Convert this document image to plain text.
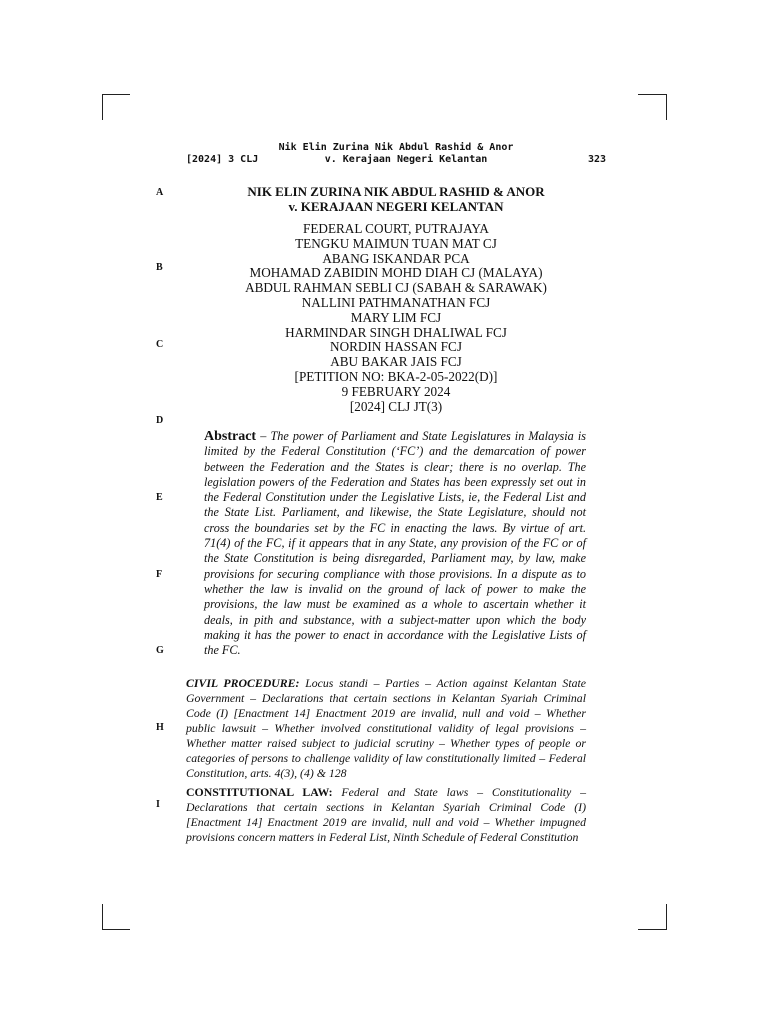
Nik Elin Zurina Nik Abdul Rashid & Anor
[2024] 3 CLJ	v. Kerajaan Negeri Kelantan	323
A
B
C
D
E
F
G
H
I
NIK ELIN ZURINA NIK ABDUL RASHID & ANOR
v. KERAJAAN NEGERI KELANTAN
FEDERAL COURT, PUTRAJAYA
TENGKU MAIMUN TUAN MAT CJ
ABANG ISKANDAR PCA
MOHAMAD ZABIDIN MOHD DIAH CJ (MALAYA)
ABDUL RAHMAN SEBLI CJ (SABAH & SARAWAK)
NALLINI PATHMANATHAN FCJ
MARY LIM FCJ
HARMINDAR SINGH DHALIWAL FCJ
NORDIN HASSAN FCJ
ABU BAKAR JAIS FCJ
[PETITION NO: BKA-2-05-2022(D)]
9 FEBRUARY 2024
[2024] CLJ JT(3)
Abstract – The power of Parliament and State Legislatures in Malaysia is limited by the Federal Constitution (‘FC’) and the demarcation of power between the Federation and the States is clear; there is no overlap. The legislation powers of the Federation and States has been expressly set out in the Federal Constitution under the Legislative Lists, ie, the Federal List and the State List. Parliament, and likewise, the State Legislature, should not cross the boundaries set by the FC in enacting the laws. By virtue of art. 71(4) of the FC, if it appears that in any State, any provision of the FC or of the State Constitution is being disregarded, Parliament may, by law, make provisions for securing compliance with those provisions. In a dispute as to whether the law is invalid on the ground of lack of power to make the provisions, the law must be examined as a whole to ascertain whether it deals, in pith and substance, with a subject-matter upon which the body making it has the power to enact in accordance with the Legislative Lists of the FC.
CIVIL PROCEDURE: Locus standi – Parties – Action against Kelantan State Government – Declarations that certain sections in Kelantan Syariah Criminal Code (I) [Enactment 14] Enactment 2019 are invalid, null and void – Whether public lawsuit – Whether involved constitutional validity of legal provisions – Whether matter raised subject to judicial scrutiny – Whether types of people or categories of persons to challenge validity of law constitutionally limited – Federal Constitution, arts. 4(3), (4) & 128
CONSTITUTIONAL LAW: Federal and State laws – Constitutionality – Declarations that certain sections in Kelantan Syariah Criminal Code (I) [Enactment 14] Enactment 2019 are invalid, null and void – Whether impugned provisions concern matters in Federal List, Ninth Schedule of Federal Constitution
